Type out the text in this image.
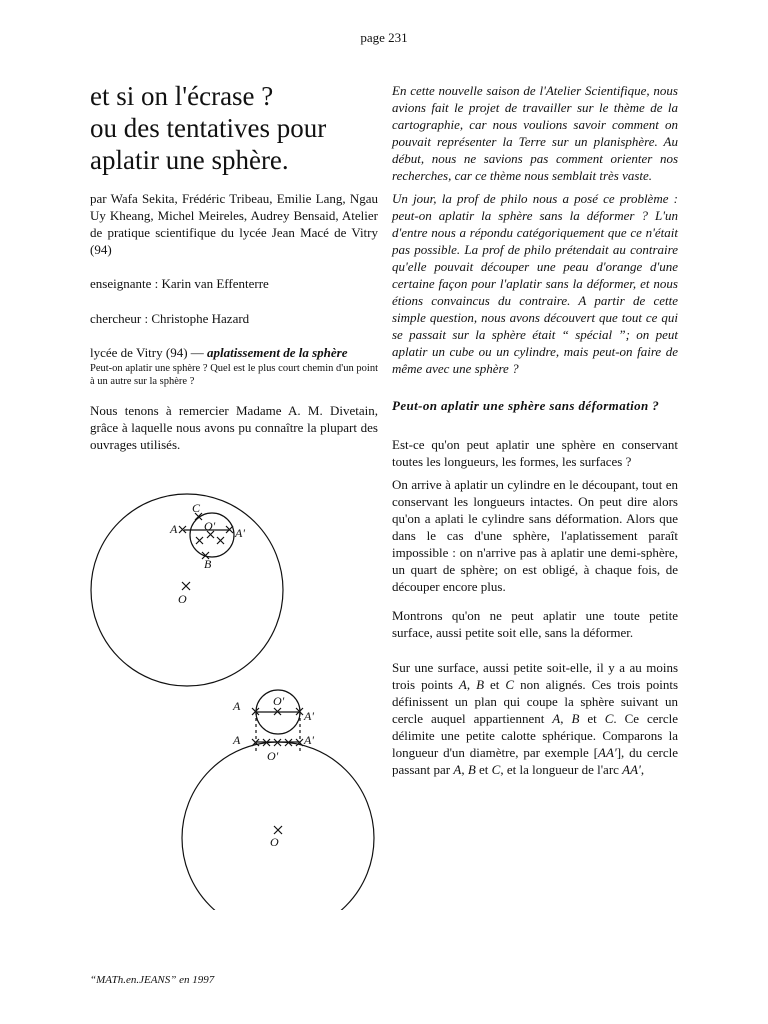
page 231
et si on l'écrase ?
ou des tentatives pour
aplatir une sphère.

par Wafa Sekita, Frédéric Tribeau, Emilie Lang, Ngau Uy Kheang, Michel Meireles, Audrey Bensaid, Atelier de pratique scientifique du lycée Jean Macé de Vitry (94)

enseignante : Karin van Effenterre

chercheur : Christophe Hazard

lycée de Vitry (94) — aplatissement de la sphère

Peut-on aplatir une sphère ? Quel est le plus court chemin d'un point à un autre sur la sphère ?

Nous tenons à remercier Madame A. M. Divetain, grâce à laquelle nous avons pu connaître la plupart des ouvrages utilisés.

C
A O' A'
B
O
A	O'
A'
A	A'
O'
O

En cette nouvelle saison de l'Atelier Scientifique, nous avions fait le projet de travailler sur le thème de la cartographie, car nous voulions savoir comment on pouvait représenter la Terre sur un planisphère. Au début, nous ne savions pas comment orienter nos recherches, car ce thème nous semblait très vaste.

Un jour, la prof de philo nous a posé ce problème : peut-on aplatir la sphère sans la déformer ? L'un d'entre nous a répondu catégoriquement que ce n'était pas possible. La prof de philo prétendait au contraire qu'elle pouvait découper une peau d'orange d'une certaine façon pour l'aplatir sans la déformer, et nous étions convaincus du contraire. A partir de cette simple question, nous avons découvert que tout ce qui se passait sur la sphère était “ spécial ”; on peut aplatir un cube ou un cylindre, mais peut-on faire de même avec une sphère ?

Peut-on aplatir une sphère sans déformation ?

Est-ce qu'on peut aplatir une sphère en conservant toutes les longueurs, les formes, les surfaces ?

On arrive à aplatir un cylindre en le découpant, tout en conservant les longueurs intactes. On peut dire alors qu'on a aplati le cylindre sans déformation. Alors que dans le cas d'une sphère, l'aplatissement paraît impossible : on n'arrive pas à aplatir une demi-sphère, un quart de sphère; on est obligé, à chaque fois, de découper encore plus.

Montrons qu'on ne peut aplatir une toute petite surface, aussi petite soit elle, sans la déformer.

Sur une surface, aussi petite soit-elle, il y a au moins trois points A, B et C non alignés. Ces trois points définissent un plan qui coupe la sphère suivant un cercle auquel appartiennent A, B et C. Ce cercle délimite une petite calotte sphérique. Comparons la longueur d'un diamètre, par exemple [AA'], du cercle passant par A, B et C, et la longueur de l'arc AA',

“MATh.en.JEANS” en 1997
